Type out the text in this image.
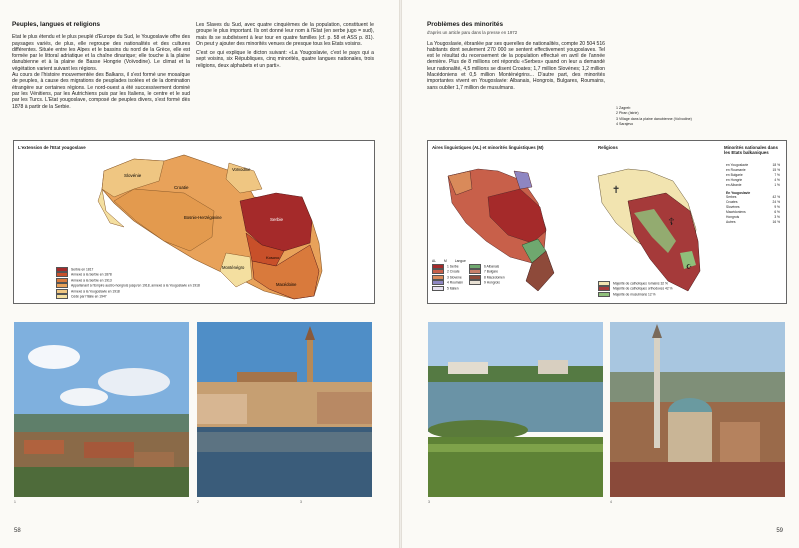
Peuples, langues et religions

Etat le plus étendu et le plus peuplé d'Europe du Sud, le Yougoslavie offre des paysages variés, de plus, elle regroupe des nationalités et des cultures différentes. Située entre les Alpes et le bassins du nord de la Grèce, elle est formée par le littoral adriatique et la chaîne dinarique; elle touche à la plaine danubienne et à la plaine de Basse Hongrie (Voïvodine). Le climat et la végétation varient suivant les régions.

Au cours de l'histoire mouvementée des Balkans, il s'est formé une mosaïque de peuples, à cause des migrations de peuplades isolées et de la domination étrangère sur certaines régions. Le nord-ouest a été successivement dominé par les Vénitiens, par les Autrichiens puis par les Italiens, le centre et le sud par les Turcs. L'Etat yougoslave, composé de peuples divers, s'est formé dès 1878 à partir de la Serbie.

Les Slaves du Sud, avec quatre cinquièmes de la population, constituent le groupe le plus important. Ils ont donné leur nom à l'Etat (en serbe jugo = sud), mais ils se subdivisent à leur tour en quatre familles (cf. p. 58 et ASS p. 81). On peut y ajouter des minorités venues de presque tous les Etats voisins.

C'est ce qui explique le dicton suivant: «La Yougoslavie, c'est le pays qui a sept voisins, six Républiques, cinq minorités, quatre langues nationales, trois religions, deux alphabets et un parti».

L'extension de l'Etat yougoslave
Slovénie
Croatie
Voïvodine
Bosnie-Herzégovine	Serbie
Monténégro
Macédoine
Kosovo
Serbie en 1817
Annexé à la Serbie en 1878
Annexé à la Serbie en 1913
Appartenant à l'Empire austro-hongrois jusqu'en 1918, annexé à la Yougoslavie en 1918
Annexé à la Yougoslavie en 1918
Cédé par l'Italie en 1947
1	2	3
58
Problèmes des minorités
d'après un article paru dans la presse en 1972

La Yougoslavie, ébranlée par ses querelles de nationalités, compte 20 504 516 habitants dont seulement 270 000 se sentent effectivement yougoslaves. Tel est le résultat du recensement de la population effectué en avril de l'année dernière. Plus de 8 millions ont répondu «Serbes» quand on leur a demandé leur nationalité, 4,5 millions se disent Croates; 1,7 million Slovènes; 1,2 million Macédoniens et 0,5 million Monténégrins... D'autre part, des minorités importantes vivent en Yougoslavie: Albanais, Hongrois, Bulgares, Roumains, sans oublier 1,7 million de musulmans.

1 Zagreb
2 Piran (Istrie)
3 Village dans la plaine danubienne (Voïvodine)
4 Sarajevo
Aires linguistiques (AL) et minorités linguistiques (M)	Religions	Minorités nationales dans les Etats balkaniques
✝
☦
☪
AL M Langue
1 Serbe
2 Croate
3 Slovène
4 Roumain
5 Italien
6 Albanais
7 Bulgare
8 Macédonien
9 Hongrois	Majorité de catholiques romains 32 %
Majorité de catholiques orthodoxes 42 %
Majorité de musulmans 12 %
en Yougoslavie	18 %
en Roumanie	15 %
en Bulgarie	7 %
en Hongrie	4 %
en Albanie	1 %
En Yougoslavie
Serbes	42 %
Croates	24 %
Slovènes	9 %
Macédoniens	6 %
Hongrois	3 %
Autres	16 %
3	4
59
